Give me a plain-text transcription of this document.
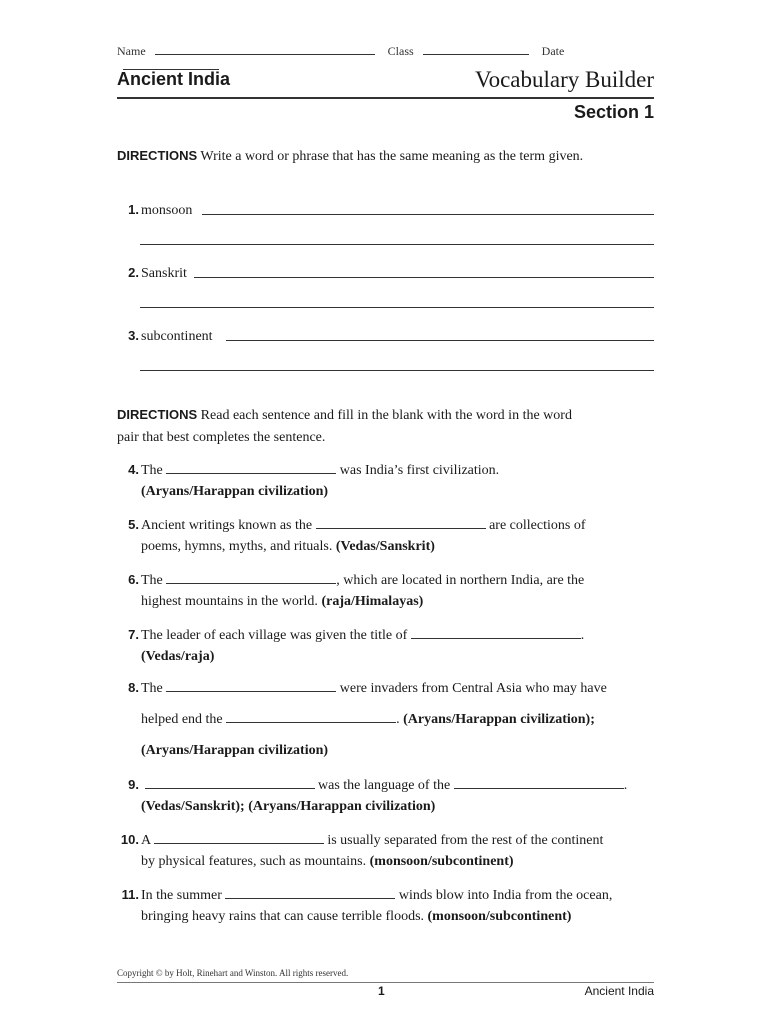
Name	Class	Date
Ancient India	Vocabulary Builder
Section 1
DIRECTIONS Write a word or phrase that has the same meaning as the term given.
1. monsoon
2. Sanskrit
3. subcontinent
DIRECTIONS Read each sentence and fill in the blank with the word in the word pair that best completes the sentence.
4. The	was India’s first civilization.
(Aryans/Harappan civilization)
5. Ancient writings known as the	are collections of
poems, hymns, myths, and rituals. (Vedas/Sanskrit)
6. The	, which are located in northern India, are the
highest mountains in the world. (raja/Himalayas)
7. The leader of each village was given the title of	.
(Vedas/raja)
8. The	were invaders from Central Asia who may have
helped end the	. (Aryans/Harappan civilization);
(Aryans/Harappan civilization)
9.	was the language of the	.
(Vedas/Sanskrit); (Aryans/Harappan civilization)
10. A	is usually separated from the rest of the continent
by physical features, such as mountains. (monsoon/subcontinent)
11. In the summer	winds blow into India from the ocean,
bringing heavy rains that can cause terrible floods. (monsoon/subcontinent)
Copyright © by Holt, Rinehart and Winston. All rights reserved.
1	Ancient India
